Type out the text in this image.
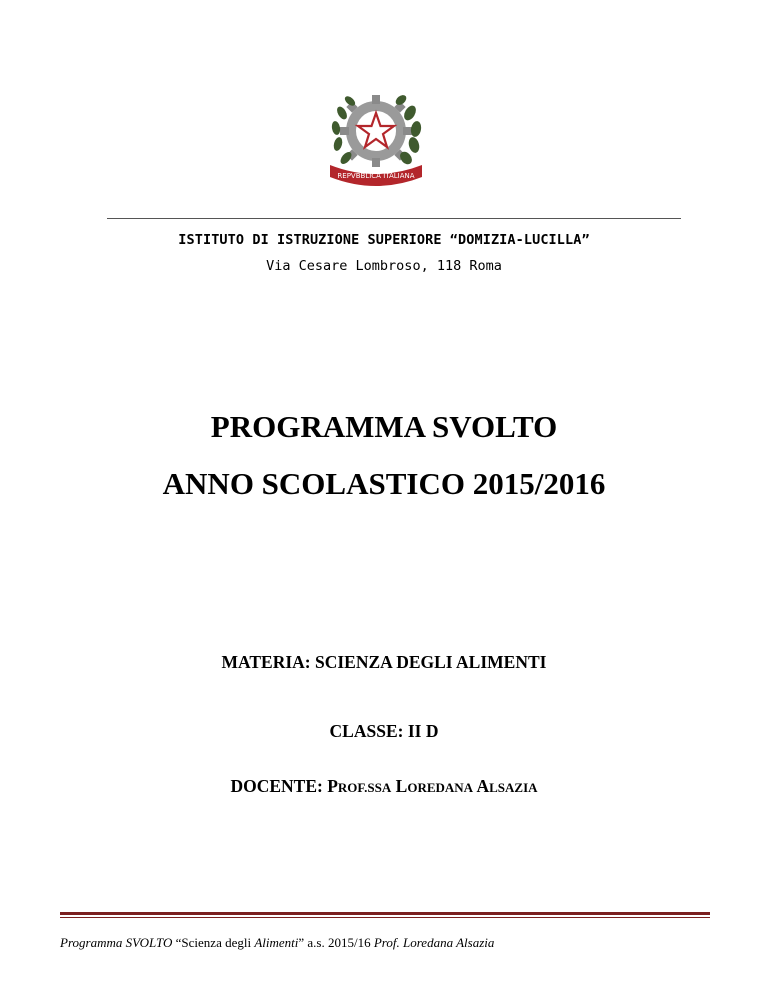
REPVBBLICA ITALIANA
ISTITUTO DI ISTRUZIONE SUPERIORE “DOMIZIA-LUCILLA”
Via Cesare Lombroso, 118 Roma
PROGRAMMA SVOLTO
ANNO SCOLASTICO 2015/2016
MATERIA: SCIENZA DEGLI ALIMENTI
CLASSE: II D
DOCENTE: PROF.SSA LOREDANA ALSAZIA
Programma SVOLTO “Scienza degli Alimenti” a.s. 2015/16 Prof. Loredana Alsazia
